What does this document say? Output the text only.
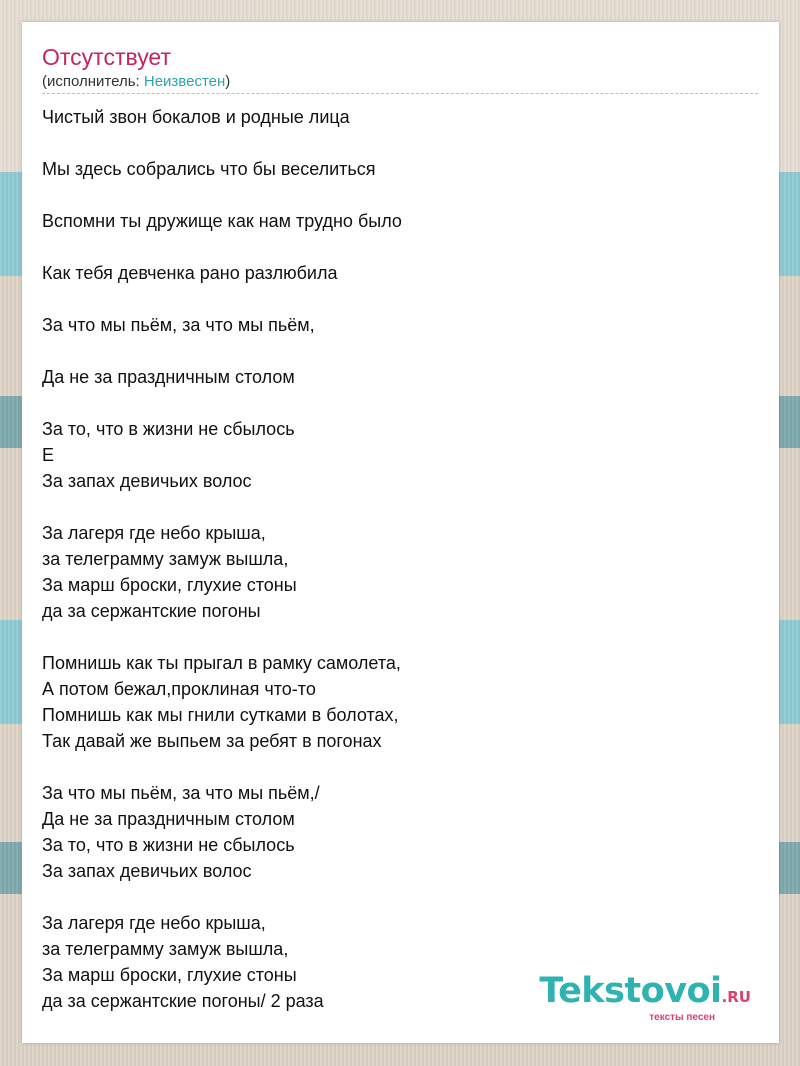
Отсутствует
(исполнитель: Неизвестен)
Чистый звон бокалов и родные лица
Мы здесь собрались что бы веселиться
Вспомни ты дружище как нам трудно было
Как тебя девченка рано разлюбила
За что мы пьём, за что мы пьём,
Да не за праздничным столом
За то, что в жизни не сбылось
Е
За запах девичьих волос
За лагеря где небо крыша,
за телеграмму замуж вышла,
За марш броски, глухие стоны
да за сержантские погоны
Помнишь как ты прыгал в рамку самолета,
А потом бежал,проклиная что-то
Помнишь как мы гнили сутками в болотах,
Так давай же выпьем за ребят в погонах
За что мы пьём, за что мы пьём,/
Да не за праздничным столом
За то, что в жизни не сбылось
За запах девичьих волос
За лагеря где небо крыша,
за телеграмму замуж вышла,
За марш броски, глухие стоны
да за сержантские погоны/ 2 раза	Tekstovoi.RU
тексты песен
